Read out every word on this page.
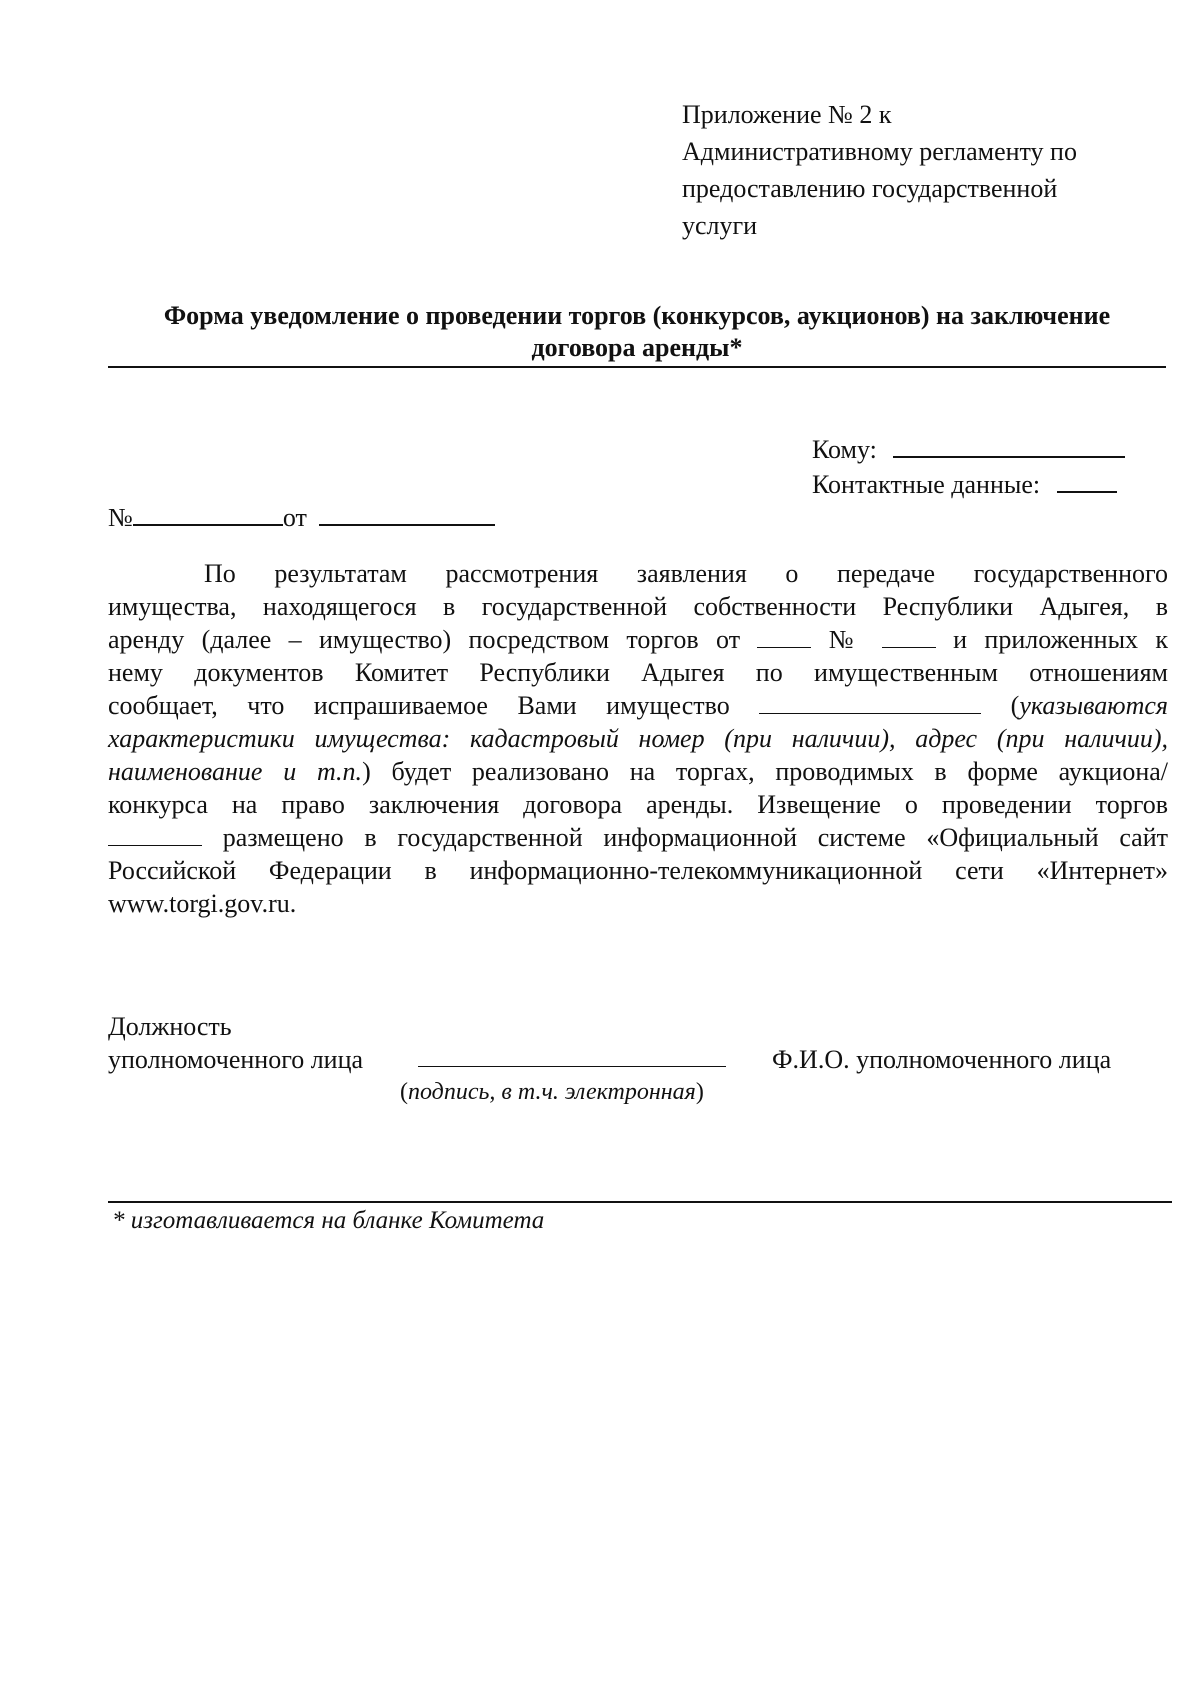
Приложение № 2 к
Административному регламенту по
предоставлению государственной
услуги
Форма уведомление о проведении торгов (конкурсов, аукционов) на заключение
договора аренды*
Кому:
Контактные данные:
№	от
По результатам рассмотрения заявления о передаче государственного
имущества, находящегося в государственной собственности Республики Адыгея, в
аренду (далее – имущество) посредством торгов от	№	и приложенных к
нему документов Комитет Республики Адыгея по имущественным отношениям
сообщает, что испрашиваемое Вами имущество	(указываются
характеристики имущества: кадастровый номер (при наличии), адрес (при наличии),
наименование и т.п.) будет реализовано на торгах, проводимых в форме аукциона/
конкурса на право заключения договора аренды. Извещение о проведении торгов
размещено в государственной информационной системе «Официальный сайт
Российской Федерации в информационно-телекоммуникационной сети «Интернет»
www.torgi.gov.ru.
Должность
уполномоченного лица	Ф.И.О. уполномоченного лица
(подпись, в т.ч. электронная)
* изготавливается на бланке Комитета
